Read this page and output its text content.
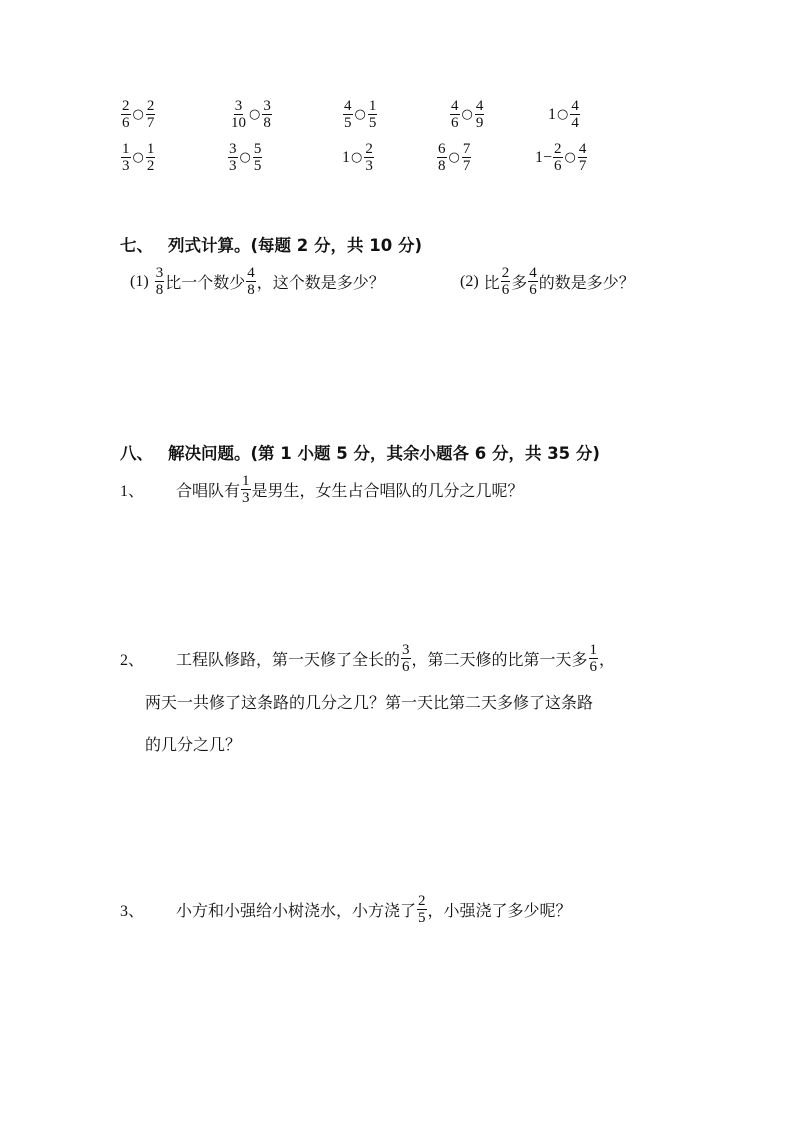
$\frac{2}{6}$ ○ $\frac{2}{7}$	$\frac{3}{10}$ ○ $\frac{3}{8}$	$\frac{4}{5}$ ○ $\frac{1}{5}$	$\frac{4}{6}$ ○ $\frac{4}{9}$	1 ○ $\frac{4}{4}$
$\frac{1}{3}$ ○ $\frac{1}{2}$	$\frac{3}{3}$ ○ $\frac{5}{5}$	1 ○ $\frac{2}{3}$	$\frac{6}{8}$ ○ $\frac{7}{7}$	$1- \frac{2}{6}$ ○ $\frac{4}{7}$
七、 列式计算。(每题 2 分，共 10 分)
(1)
$\frac{3}{8}$ 比一个数少 $\frac{4}{8}$ ，这个数是多少？	(2)
比 $\frac{2}{6}$ 多 $\frac{4}{6}$ 的数是多少？
八、 解决问题。(第 1 小题 5 分，其余小题各 6 分，共 35 分)
1、	合唱队有 $\frac{1}{3}$ 是男生，女生占合唱队的几分之几呢？
2、	工程队修路，第一天修了全长的 $\frac{3}{6}$ ，第二天修的比第一天多 $\frac{1}{6}$ ，
两天一共修了这条路的几分之几？第一天比第二天多修了这条路
的几分之几？
3、	小方和小强给小树浇水，小方浇了 $\frac{2}{5}$ ，小强浇了多少呢？
